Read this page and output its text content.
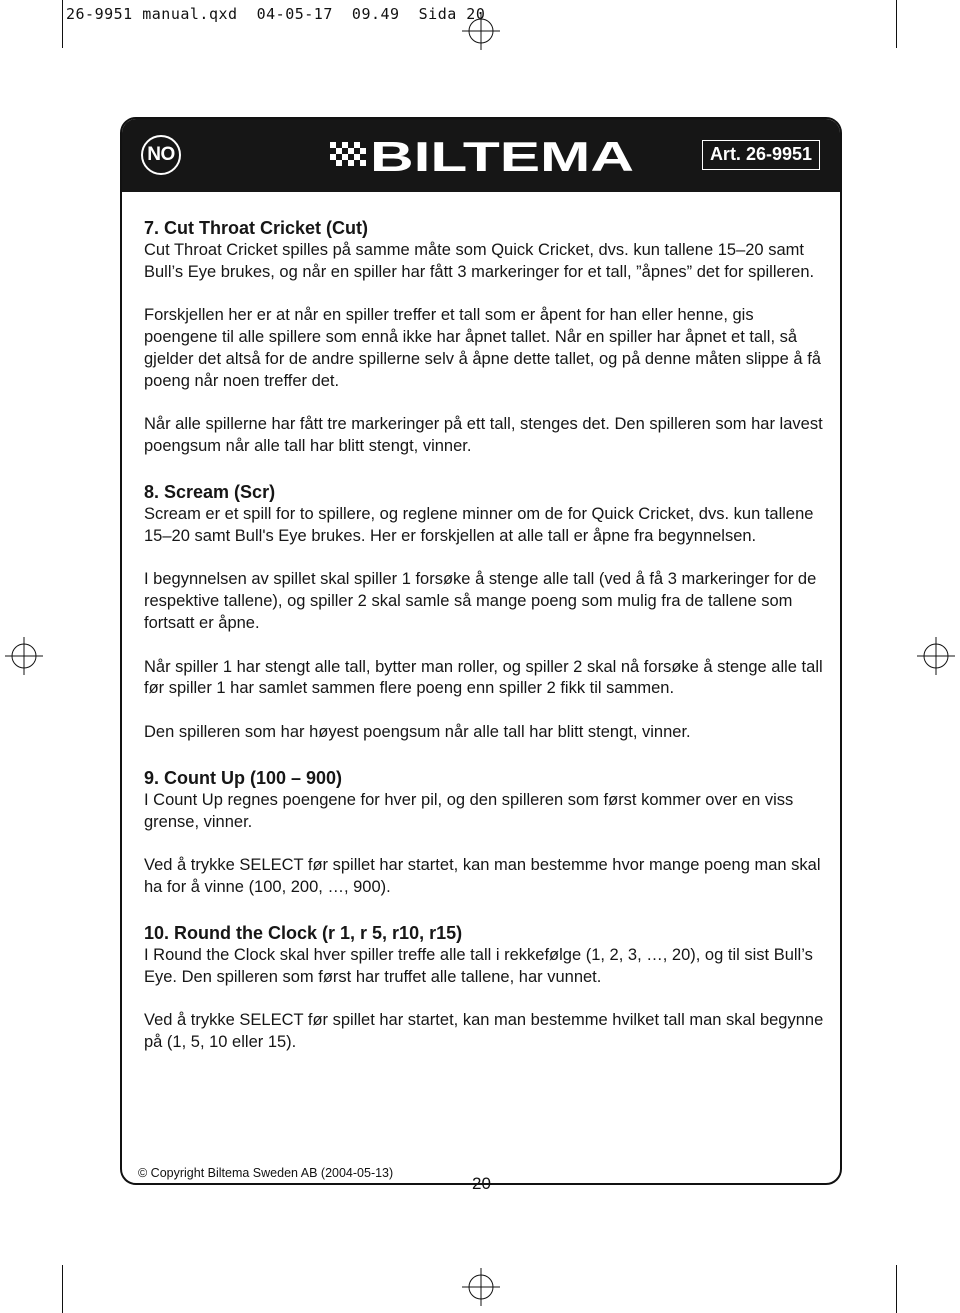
26-9951 manual.qxd  04-05-17  09.49  Sida 20
NO	BILTEMA	Art. 26-9951
7. Cut Throat Cricket (Cut)

Cut Throat Cricket spilles på samme måte som Quick Cricket, dvs. kun tallene 15–20 samt Bull’s Eye brukes, og når en spiller har fått 3 markeringer for et tall, ”åpnes” det for spilleren.

Forskjellen her er at når en spiller treffer et tall som er åpent for han eller henne, gis poengene til alle spillere som ennå ikke har åpnet tallet. Når en spiller har åpnet et tall, så gjelder det altså for de andre spillerne selv å åpne dette tallet, og på denne måten slippe å få poeng når noen treffer det.

Når alle spillerne har fått tre markeringer på ett tall, stenges det. Den spilleren som har lavest poengsum når alle tall har blitt stengt, vinner.

8. Scream (Scr)

Scream er et spill for to spillere, og reglene minner om de for Quick Cricket, dvs. kun tallene 15–20 samt Bull's Eye brukes. Her er forskjellen at alle tall er åpne fra begynnelsen.

I begynnelsen av spillet skal spiller 1 forsøke å stenge alle tall (ved å få 3 markeringer for de respektive tallene), og spiller 2 skal samle så mange poeng som mulig fra de tallene som fortsatt er åpne.

Når spiller 1 har stengt alle tall, bytter man roller, og spiller 2 skal nå forsøke å stenge alle tall før spiller 1 har samlet sammen flere poeng enn spiller 2 fikk til sammen.

Den spilleren som har høyest poengsum når alle tall har blitt stengt, vinner.

9. Count Up (100 – 900)

I Count Up regnes poengene for hver pil, og den spilleren som først kommer over en viss grense, vinner.

Ved å trykke SELECT før spillet har startet, kan man bestemme hvor mange poeng man skal ha for å vinne (100, 200, …, 900).

10. Round the Clock (r 1, r 5, r10, r15)

I Round the Clock skal hver spiller treffe alle tall i rekkefølge (1, 2, 3, …, 20), og til sist Bull’s Eye. Den spilleren som først har truffet alle tallene, har vunnet.

Ved å trykke SELECT før spillet har startet, kan man bestemme hvilket tall man skal begynne på (1, 5, 10 eller 15).

© Copyright Biltema Sweden AB (2004-05-13)
20
